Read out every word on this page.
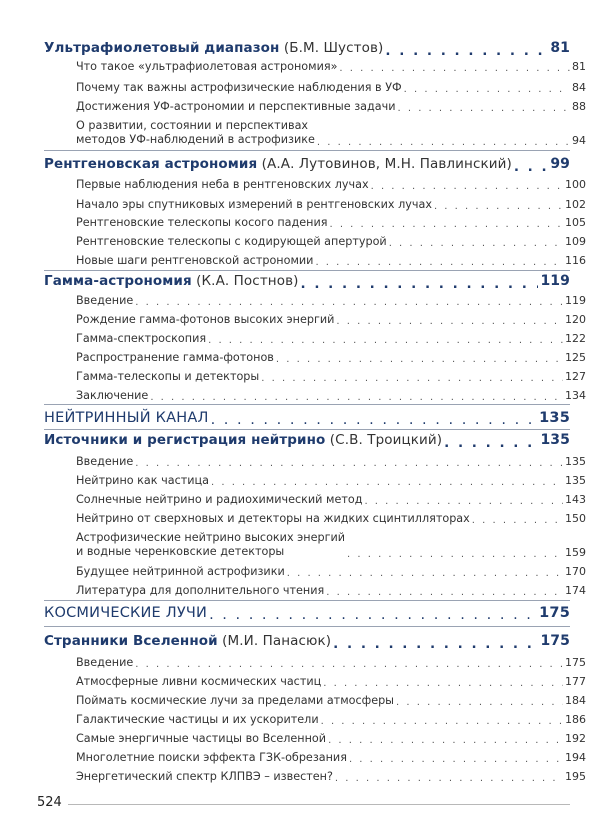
Ультрафиолетовый диапазон (Б.М. Шустов) . . .	81
Что такое «ультрафиолетовая астрономия» . . .	81
Почему так важны астрофизические наблюдения в УФ . . .	84
Достижения УФ-астрономии и перспективные задачи . . .	88
О развитии, состоянии и перспективах
методов УФ-наблюдений в астрофизике . . .	94
Рентгеновская астрономия (А.А. Лутовинов, М.Н. Павлинский) . . .	99
Первые наблюдения неба в рентгеновских лучах . . .	100
Начало эры спутниковых измерений в рентгеновских лучах . . .	102
Рентгеновские телескопы косого падения . . .	105
Рентгеновские телескопы с кодирующей апертурой . . .	109
Новые шаги рентгеновской астрономии . . .	116
Гамма-астрономия (К.А. Постнов) . . .	119
Введение . . .	119
Рождение гамма-фотонов высоких энергий . . .	120
Гамма-спектроскопия . . .	122
Распространение гамма-фотонов . . .	125
Гамма-телескопы и детекторы . . .	127
Заключение . . .	134
НЕЙТРИННЫЙ КАНАЛ . . .	135
Источники и регистрация нейтрино (С.В. Троицкий) . . .	135
Введение . . .	135
Нейтрино как частица . . .	135
Солнечные нейтрино и радиохимический метод . . .	143
Нейтрино от сверхновых и детекторы на жидких сцинтилляторах . . .	150
Астрофизические нейтрино высоких энергий
и водные черенковские детекторы . . .	159
Будущее нейтринной астрофизики . . .	170
Литература для дополнительного чтения . . .	174
КОСМИЧЕСКИЕ ЛУЧИ . . .	175
Странники Вселенной (М.И. Панасюк) . . .	175
Введение . . .	175
Атмосферные ливни космических частиц . . .	177
Поймать космические лучи за пределами атмосферы . . .	184
Галактические частицы и их ускорители . . .	186
Самые энергичные частицы во Вселенной . . .	192
Многолетние поиски эффекта ГЗК-обрезания . . .	194
Энергетический спектр КЛПВЭ – известен? . . .	195
524
